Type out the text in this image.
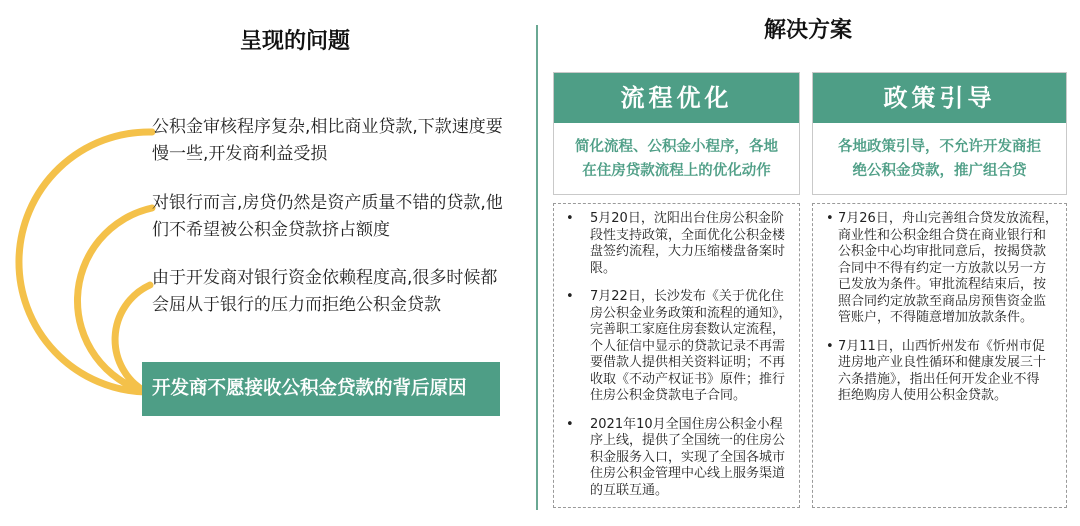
呈现的问题
公积金审核程序复杂,相比商业贷款,下款速度要
慢一些,开发商利益受损
对银行而言,房贷仍然是资产质量不错的贷款,他
们不希望被公积金贷款挤占额度
由于开发商对银行资金依赖程度高,很多时候都
会屈从于银行的压力而拒绝公积金贷款
开发商不愿接收公积金贷款的背后原因
解决方案
流程优化
简化流程、公积金小程序，各地
在住房贷款流程上的优化动作
政策引导
各地政策引导，不允许开发商拒
绝公积金贷款，推广组合贷
• 5月20日，沈阳出台住房公积金阶
段性支持政策，全面优化公积金楼
盘签约流程，大力压缩楼盘备案时
限。
• 7月22日，长沙发布《关于优化住
房公积金业务政策和流程的通知》，
完善职工家庭住房套数认定流程，
个人征信中显示的贷款记录不再需
要借款人提供相关资料证明；不再
收取《不动产权证书》原件；推行
住房公积金贷款电子合同。
• 2021年10月全国住房公积金小程
序上线，提供了全国统一的住房公
积金服务入口，实现了全国各城市
住房公积金管理中心线上服务渠道
的互联互通。
• 7月26日，舟山完善组合贷发放流程，
商业性和公积金组合贷在商业银行和
公积金中心均审批同意后，按揭贷款
合同中不得有约定一方放款以另一方
已发放为条件。审批流程结束后，按
照合同约定放款至商品房预售资金监
管账户，不得随意增加放款条件。
• 7月11日，山西忻州发布《忻州市促
进房地产业良性循环和健康发展三十
六条措施》，指出任何开发企业不得
拒绝购房人使用公积金贷款。
